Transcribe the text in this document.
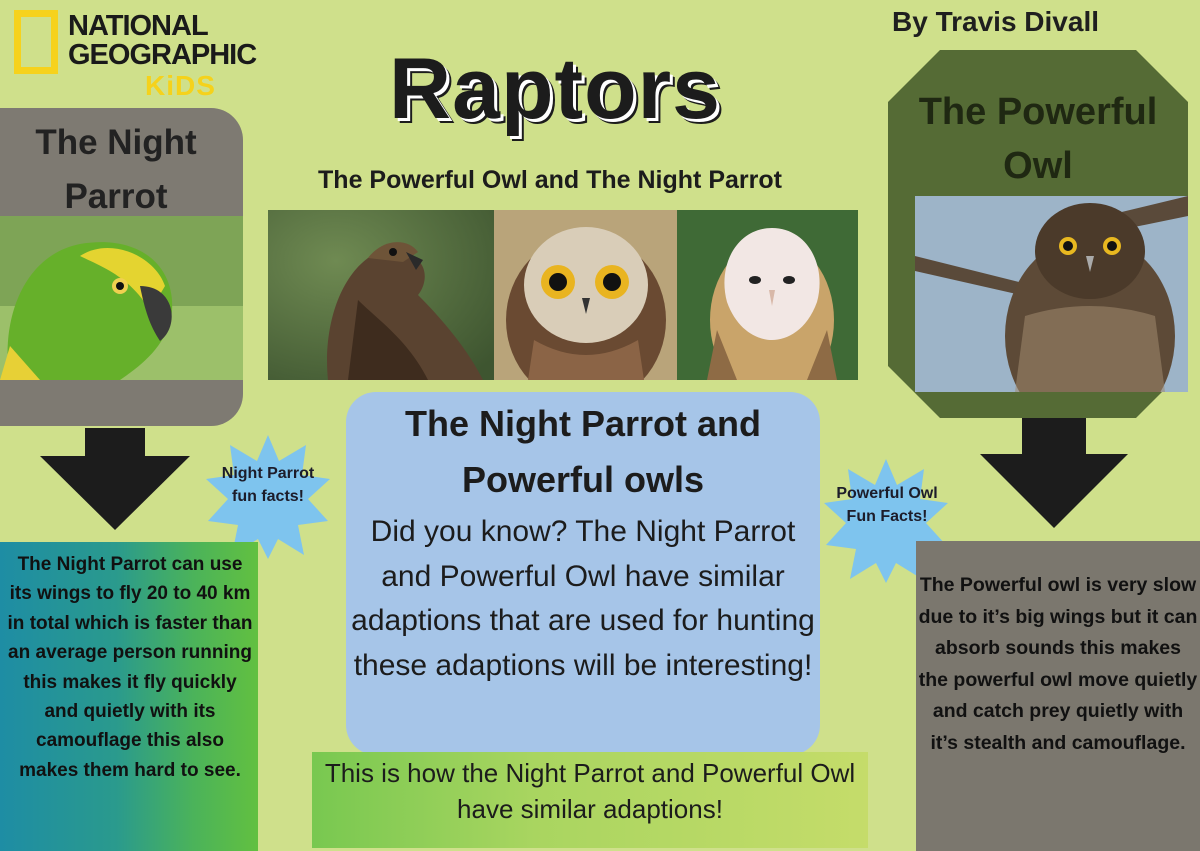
NATIONAL
GEOGRAPHIC
KiDS
By Travis Divall
Raptors
The Powerful Owl and The Night Parrot
The Night Parrot
The Powerful Owl
Night Parrot fun facts!	Powerful Owl Fun Facts!
The Night Parrot can use its wings to fly 20 to 40 km in total which is faster than an average person running this makes it fly quickly and quietly with its camouflage this also makes them hard to see.
The Night Parrot and Powerful owls
Did you know? The Night Parrot and Powerful Owl have similar adaptions that are used for hunting these adaptions will be interesting!
This is how the Night Parrot and Powerful Owl have similar adaptions!
The Powerful owl is very slow due to it’s big wings but it can absorb sounds this makes the powerful owl move quietly and catch prey quietly with it’s stealth and camouflage.
